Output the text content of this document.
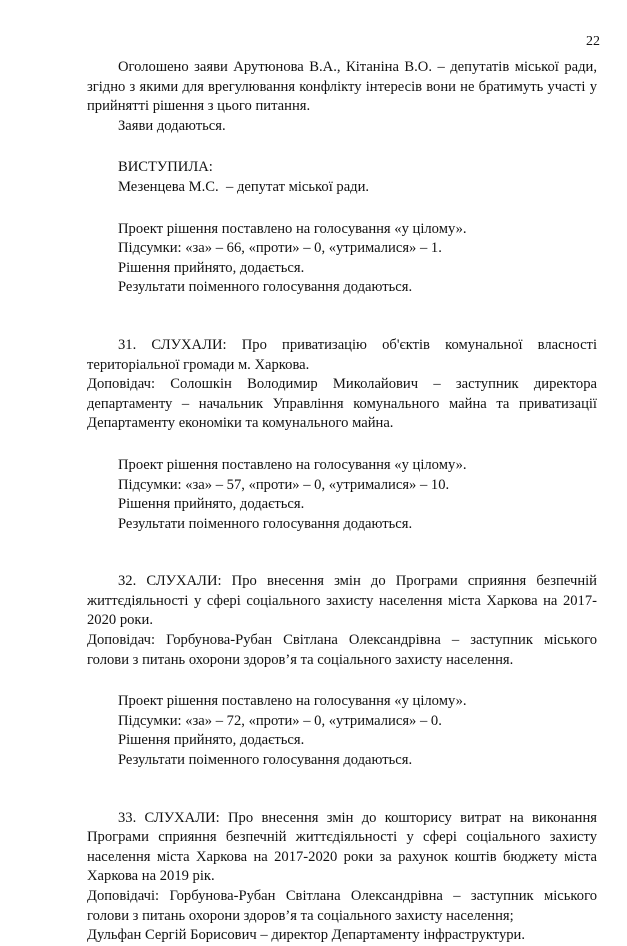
22

Оголошено заяви Арутюнова В.А., Кітаніна В.О. – депутатів міської ради, згідно з якими для врегулювання конфлікту інтересів вони не братимуть участі у прийнятті рішення з цього питання.

Заяви додаються.

ВИСТУПИЛА:

Мезенцева М.С. – депутат міської ради.

Проект рішення поставлено на голосування «у цілому».

Підсумки: «за» – 66, «проти» – 0, «утрималися» – 1.

Рішення прийнято, додається.

Результати поіменного голосування додаються.

31. СЛУХАЛИ: Про приватизацію об'єктів комунальної власності територіальної громади м. Харкова.

Доповідач: Солошкін Володимир Миколайович – заступник директора департаменту – начальник Управління комунального майна та приватизації Департаменту економіки та комунального майна.

Проект рішення поставлено на голосування «у цілому».

Підсумки: «за» – 57, «проти» – 0, «утрималися» – 10.

Рішення прийнято, додається.

Результати поіменного голосування додаються.

32. СЛУХАЛИ: Про внесення змін до Програми сприяння безпечній життєдіяльності у сфері соціального захисту населення міста Харкова на 2017-2020 роки.

Доповідач: Горбунова-Рубан Світлана Олександрівна – заступник міського голови з питань охорони здоров’я та соціального захисту населення.

Проект рішення поставлено на голосування «у цілому».

Підсумки: «за» – 72, «проти» – 0, «утрималися» – 0.

Рішення прийнято, додається.

Результати поіменного голосування додаються.

33. СЛУХАЛИ: Про внесення змін до кошторису витрат на виконання Програми сприяння безпечній життєдіяльності у сфері соціального захисту населення міста Харкова на 2017-2020 роки за рахунок коштів бюджету міста Харкова на 2019 рік.

Доповідачі: Горбунова-Рубан Світлана Олександрівна – заступник міського голови з питань охорони здоров’я та соціального захисту населення;

Дульфан Сергій Борисович – директор Департаменту інфраструктури.
